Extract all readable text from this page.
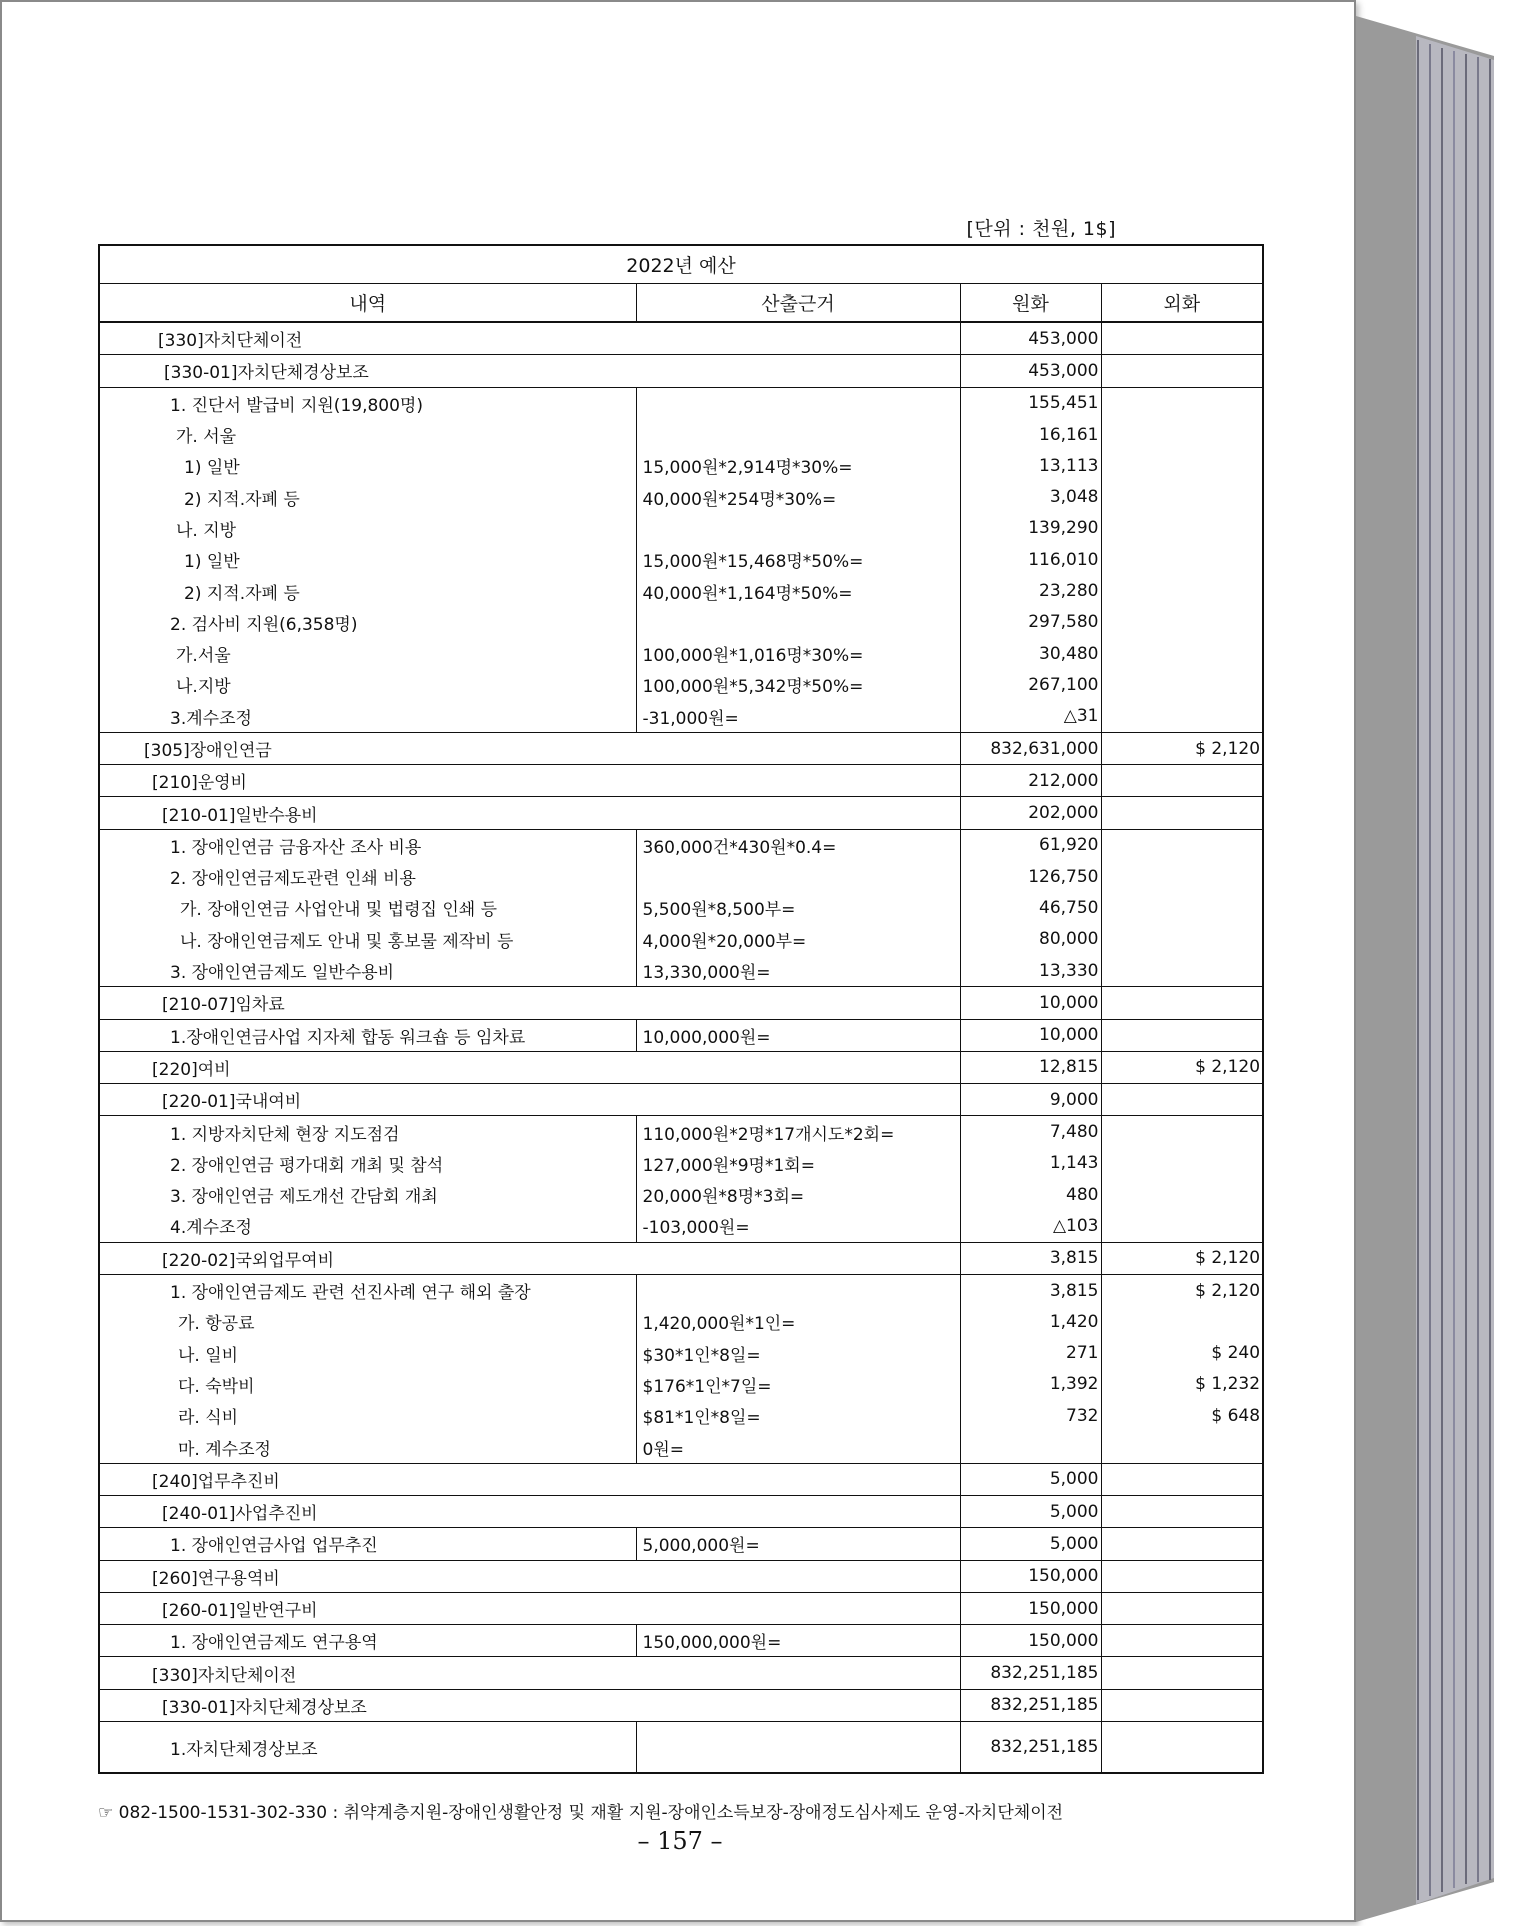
[단위 : 천원, 1$]
2022년 예산			
내역	산출근거	원화	외화
[330]자치단체이전		453,000	
[330-01]자치단체경상보조		453,000	
1. 진단서 발급비 지원(19,800명)		155,451	
가. 서울		16,161	
1) 일반	15,000원*2,914명*30%=	13,113	
2) 지적.자폐 등	40,000원*254명*30%=	3,048	
나. 지방		139,290	
1) 일반	15,000원*15,468명*50%=	116,010	
2) 지적.자폐 등	40,000원*1,164명*50%=	23,280	
2. 검사비 지원(6,358명)		297,580	
가.서울	100,000원*1,016명*30%=	30,480	
나.지방	100,000원*5,342명*50%=	267,100	
3.계수조정	-31,000원=	△31	
[305]장애인연금		832,631,000	$ 2,120
[210]운영비		212,000	
[210-01]일반수용비		202,000	
1. 장애인연금 금융자산 조사 비용	360,000건*430원*0.4=	61,920	
2. 장애인연금제도관련 인쇄 비용		126,750	
가. 장애인연금 사업안내 및 법령집 인쇄 등	5,500원*8,500부=	46,750	
나. 장애인연금제도 안내 및 홍보물 제작비 등	4,000원*20,000부=	80,000	
3. 장애인연금제도 일반수용비	13,330,000원=	13,330	
[210-07]임차료		10,000	
1.장애인연금사업 지자체 합동 워크숍 등 임차료	10,000,000원=	10,000	
[220]여비		12,815	$ 2,120
[220-01]국내여비		9,000	
1. 지방자치단체 현장 지도점검	110,000원*2명*17개시도*2회=	7,480	
2. 장애인연금 평가대회 개최 및 참석	127,000원*9명*1회=	1,143	
3. 장애인연금 제도개선 간담회 개최	20,000원*8명*3회=	480	
4.계수조정	-103,000원=	△103	
[220-02]국외업무여비		3,815	$ 2,120
1. 장애인연금제도 관련 선진사례 연구 해외 출장		3,815	$ 2,120
가. 항공료	1,420,000원*1인=	1,420	
나. 일비	$30*1인*8일=	271	$ 240
다. 숙박비	$176*1인*7일=	1,392	$ 1,232
라. 식비	$81*1인*8일=	732	$ 648
마. 계수조정	0원=		
[240]업무추진비		5,000	
[240-01]사업추진비		5,000	
1. 장애인연금사업 업무추진	5,000,000원=	5,000	
[260]연구용역비		150,000	
[260-01]일반연구비		150,000	
1. 장애인연금제도 연구용역	150,000,000원=	150,000	
[330]자치단체이전		832,251,185	
[330-01]자치단체경상보조		832,251,185	
1.자치단체경상보조		832,251,185	
☞ 082-1500-1531-302-330 : 취약계층지원-장애인생활안정 및 재활 지원-장애인소득보장-장애정도심사제도 운영-자치단체이전
– 157 –
